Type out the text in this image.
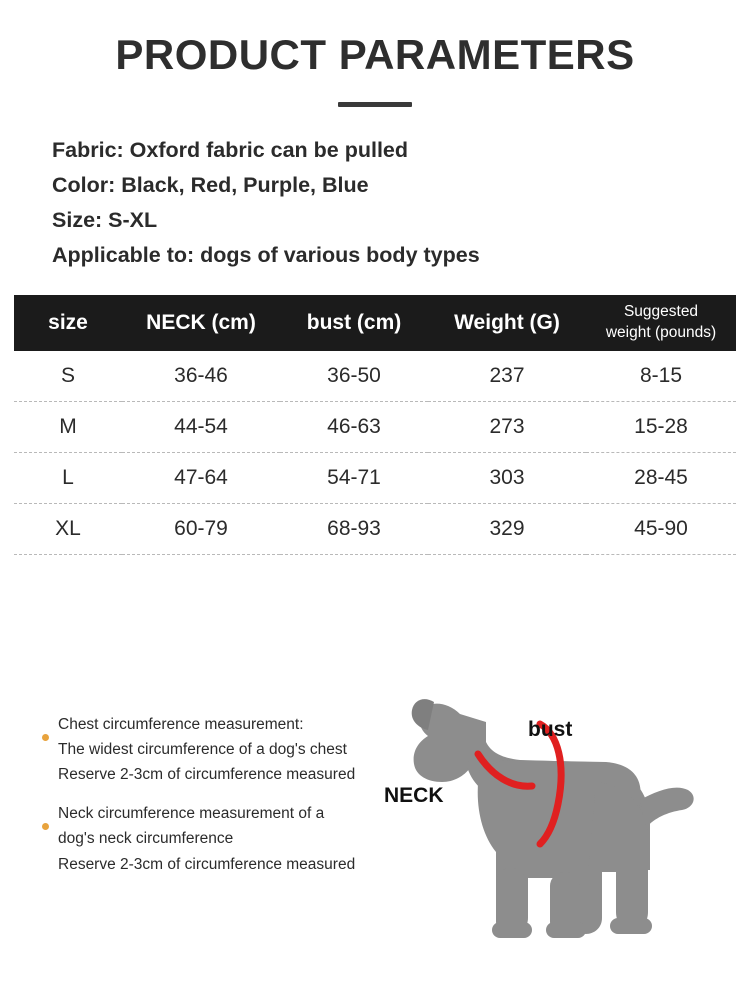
PRODUCT PARAMETERS
Fabric: Oxford fabric can be pulled
Color: Black, Red, Purple, Blue
Size: S-XL
Applicable to: dogs of various body types
size	NECK (cm)	bust (cm)	Weight (G)	Suggested
weight (pounds)

S	36-46	36-50	237	8-15
M	44-54	46-63	273	15-28
L	47-64	54-71	303	28-45
XL	60-79	68-93	329	45-90
Chest circumference measurement:
The widest circumference of a dog's chest
Reserve 2-3cm of circumference measured
Neck circumference measurement of a
dog's neck circumference
Reserve 2-3cm of circumference measured
bust
NECK
